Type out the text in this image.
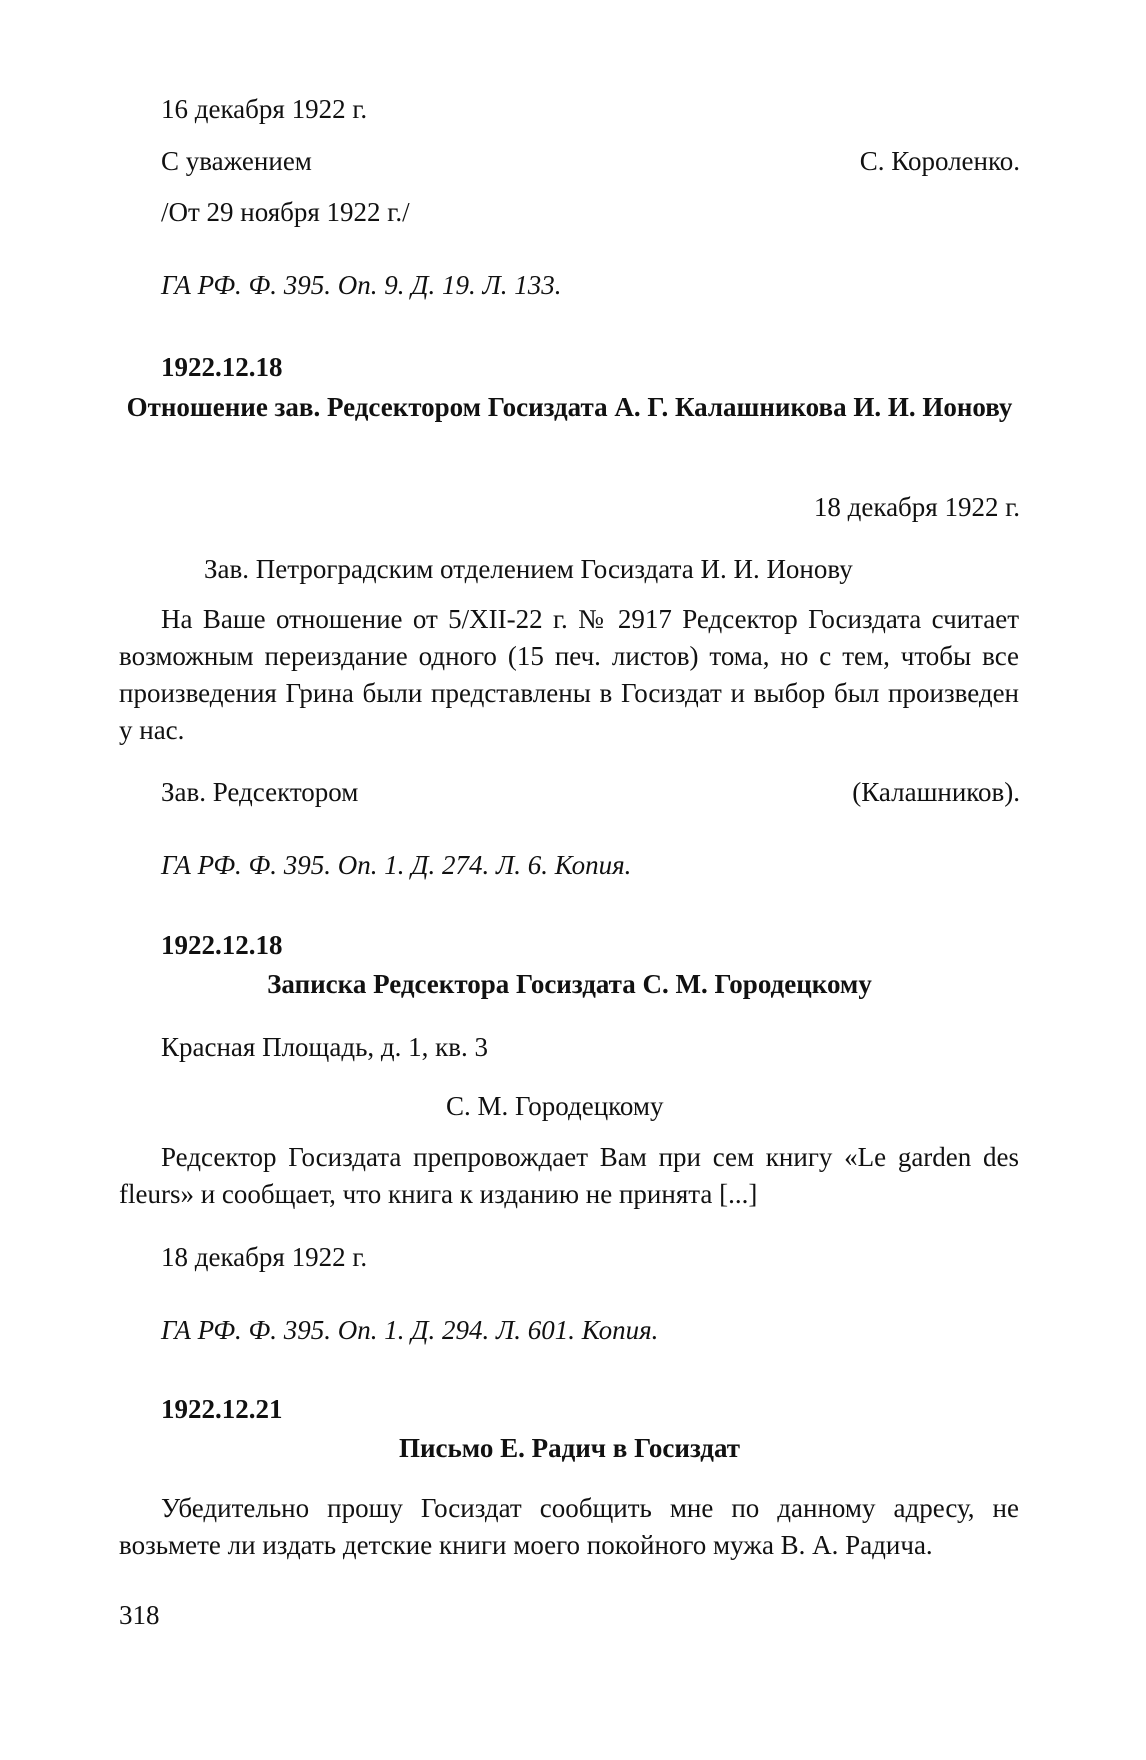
16 декабря 1922 г.
С уважением	С. Короленко.
/От 29 ноября 1922 г./
ГА РФ. Ф. 395. Оп. 9. Д. 19. Л. 133.
1922.12.18
Отношение зав. Редсектором Госиздата А. Г. Калашникова И. И. Ионову
18 декабря 1922 г.
Зав. Петроградским отделением Госиздата И. И. Ионову
На Ваше отношение от 5/XII-22 г. № 2917 Редсектор Госиздата считает возможным переиздание одного (15 печ. листов) тома, но с тем, чтобы все произведения Грина были представлены в Госиздат и выбор был произведен у нас.
Зав. Редсектором	(Калашников).
ГА РФ. Ф. 395. Оп. 1. Д. 274. Л. 6. Копия.
1922.12.18
Записка Редсектора Госиздата С. М. Городецкому
Красная Площадь, д. 1, кв. 3
С. М. Городецкому
Редсектор Госиздата препровождает Вам при сем книгу «Le garden des fleurs» и сообщает, что книга к изданию не принята [...]
18 декабря 1922 г.
ГА РФ. Ф. 395. Оп. 1. Д. 294. Л. 601. Копия.
1922.12.21
Письмо Е. Радич в Госиздат
Убедительно прошу Госиздат сообщить мне по данному адресу, не возьмете ли издать детские книги моего покойного мужа В. А. Радича.
318
